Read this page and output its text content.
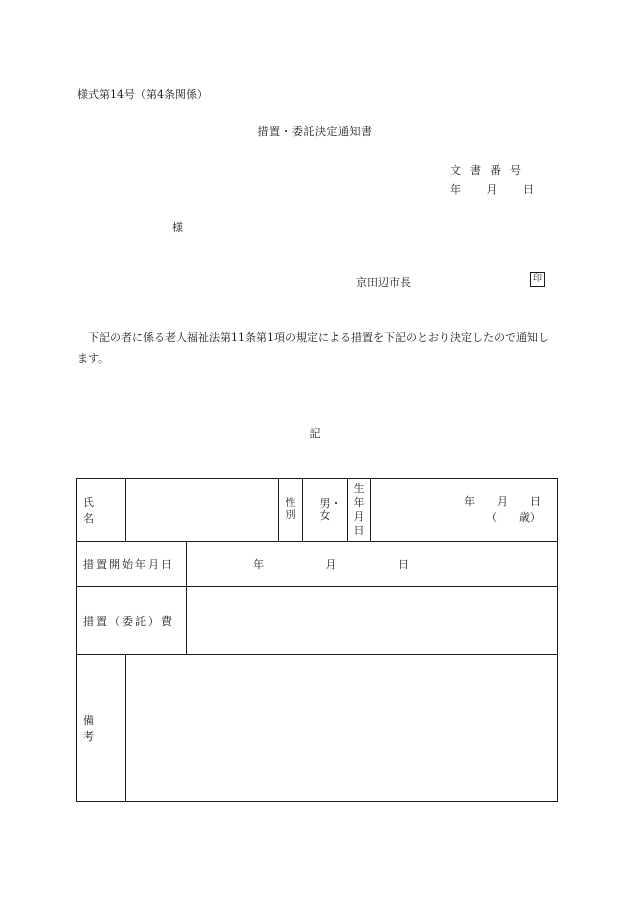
様式第14号（第4条関係）
措置・委託決定通知書
文書番号
年 月 日
様
京田辺市長	印
下記の者に係る老人福祉法第11条第1項の規定による措置を下記のとおり決定したので通知します。
記
氏　名			性別	男・女	生年月日	年　　月　　日
（　　歳）
措置開始年月日		年 月 日				
措置（委託）費						
備　考						
